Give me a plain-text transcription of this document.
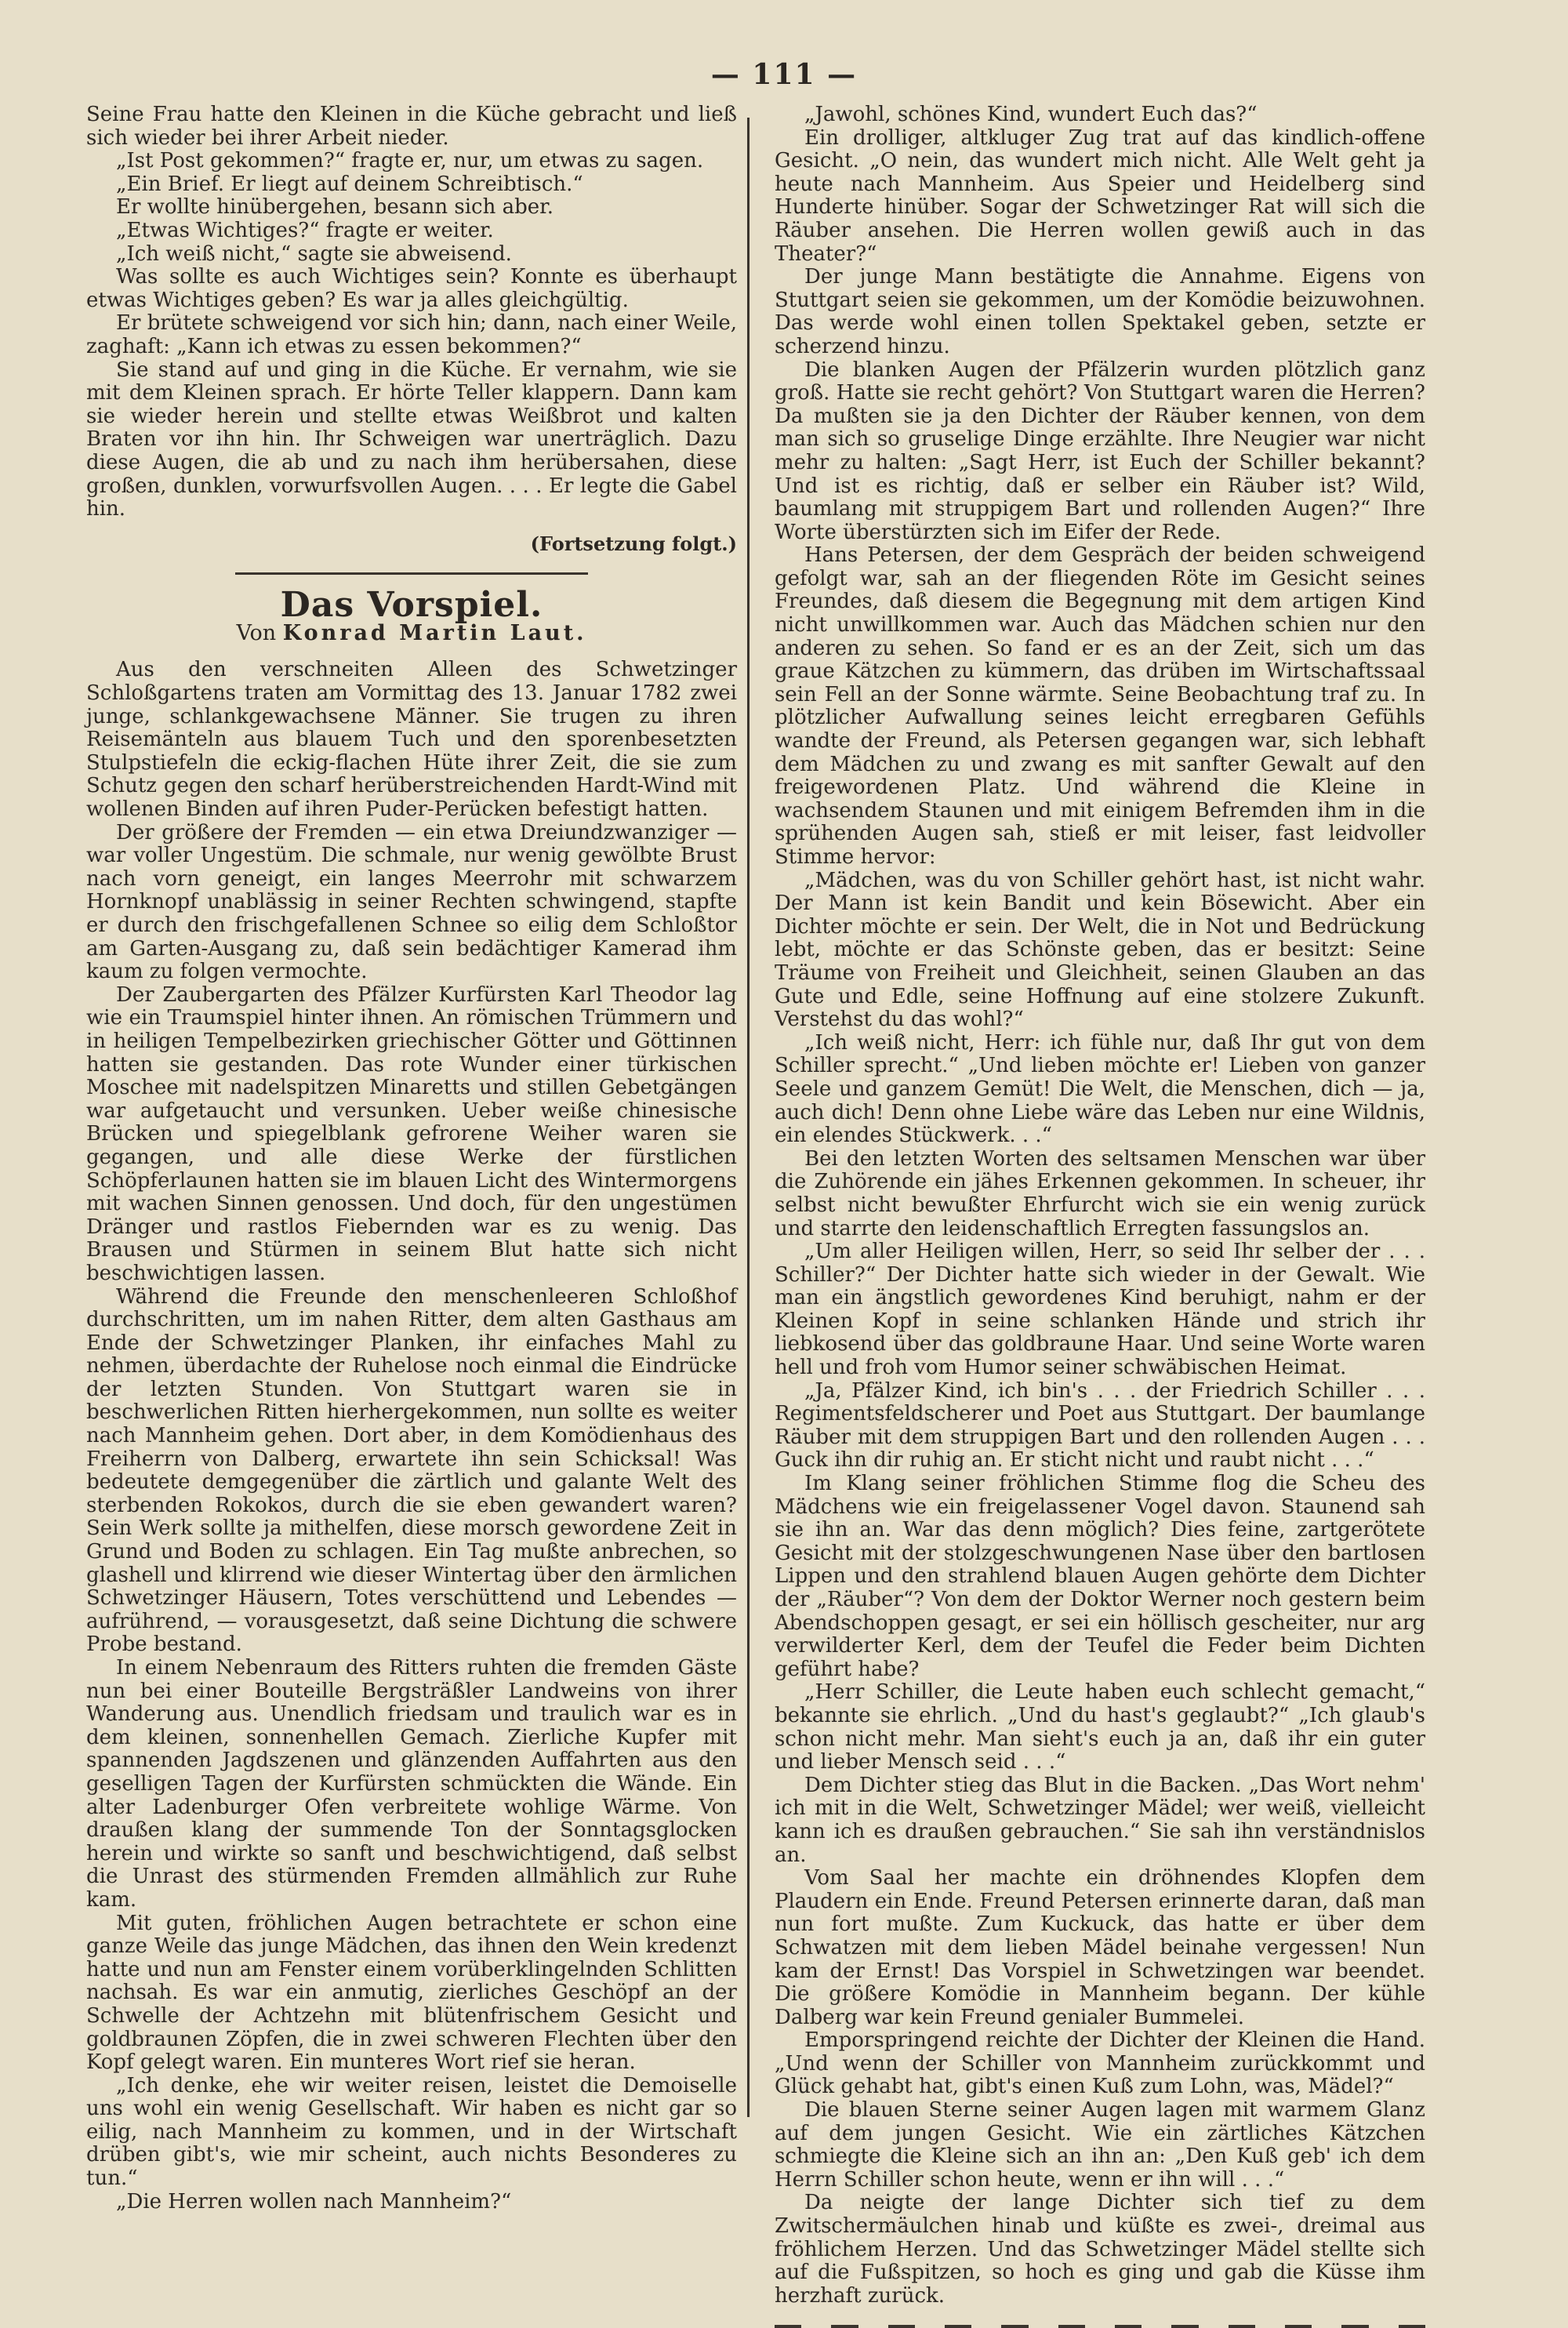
— 111 —

Seine Frau hatte den Kleinen in die Küche gebracht und ließ sich wieder bei ihrer Arbeit nieder.

„Ist Post gekommen?“ fragte er, nur, um etwas zu sagen.

„Ein Brief. Er liegt auf deinem Schreibtisch.“

Er wollte hinübergehen, besann sich aber.

„Etwas Wichtiges?“ fragte er weiter.

„Ich weiß nicht,“ sagte sie abweisend.

Was sollte es auch Wichtiges sein? Konnte es überhaupt etwas Wichtiges geben? Es war ja alles gleichgültig.

Er brütete schweigend vor sich hin; dann, nach einer Weile, zaghaft: „Kann ich etwas zu essen bekommen?“

Sie stand auf und ging in die Küche. Er vernahm, wie sie mit dem Kleinen sprach. Er hörte Teller klappern. Dann kam sie wieder herein und stellte etwas Weißbrot und kalten Braten vor ihn hin. Ihr Schweigen war unerträglich. Dazu diese Augen, die ab und zu nach ihm herübersahen, diese großen, dunklen, vorwurfsvollen Augen. . . . Er legte die Gabel hin.

(Fortsetzung folgt.)
Das Vorspiel.
Von Konrad Martin Laut.

Aus den verschneiten Alleen des Schwetzinger Schloßgartens traten am Vormittag des 13. Januar 1782 zwei junge, schlankgewachsene Männer. Sie trugen zu ihren Reisemänteln aus blauem Tuch und den sporenbesetzten Stulpstiefeln die eckig-flachen Hüte ihrer Zeit, die sie zum Schutz gegen den scharf herüberstreichenden Hardt-Wind mit wollenen Binden auf ihren Puder-Perücken befestigt hatten.

Der größere der Fremden — ein etwa Dreiundzwanziger — war voller Ungestüm. Die schmale, nur wenig gewölbte Brust nach vorn geneigt, ein langes Meerrohr mit schwarzem Hornknopf unablässig in seiner Rechten schwingend, stapfte er durch den frischgefallenen Schnee so eilig dem Schloßtor am Garten-Ausgang zu, daß sein bedächtiger Kamerad ihm kaum zu folgen vermochte.

Der Zaubergarten des Pfälzer Kurfürsten Karl Theodor lag wie ein Traumspiel hinter ihnen. An römischen Trümmern und in heiligen Tempelbezirken griechischer Götter und Göttinnen hatten sie gestanden. Das rote Wunder einer türkischen Moschee mit nadelspitzen Minaretts und stillen Gebetgängen war aufgetaucht und versunken. Ueber weiße chinesische Brücken und spiegelblank gefrorene Weiher waren sie gegangen, und alle diese Werke der fürstlichen Schöpferlaunen hatten sie im blauen Licht des Wintermorgens mit wachen Sinnen genossen. Und doch, für den ungestümen Dränger und rastlos Fiebernden war es zu wenig. Das Brausen und Stürmen in seinem Blut hatte sich nicht beschwichtigen lassen.

Während die Freunde den menschenleeren Schloßhof durchschritten, um im nahen Ritter, dem alten Gasthaus am Ende der Schwetzinger Planken, ihr einfaches Mahl zu nehmen, überdachte der Ruhelose noch einmal die Eindrücke der letzten Stunden. Von Stuttgart waren sie in beschwerlichen Ritten hierhergekommen, nun sollte es weiter nach Mannheim gehen. Dort aber, in dem Komödienhaus des Freiherrn von Dalberg, erwartete ihn sein Schicksal! Was bedeutete demgegenüber die zärtlich und galante Welt des sterbenden Rokokos, durch die sie eben gewandert waren? Sein Werk sollte ja mithelfen, diese morsch gewordene Zeit in Grund und Boden zu schlagen. Ein Tag mußte anbrechen, so glashell und klirrend wie dieser Wintertag über den ärmlichen Schwetzinger Häusern, Totes verschüttend und Lebendes — aufrührend, — vorausgesetzt, daß seine Dichtung die schwere Probe bestand.

In einem Nebenraum des Ritters ruhten die fremden Gäste nun bei einer Bouteille Bergsträßler Landweins von ihrer Wanderung aus. Unendlich friedsam und traulich war es in dem kleinen, sonnenhellen Gemach. Zierliche Kupfer mit spannenden Jagdszenen und glänzenden Auffahrten aus den geselligen Tagen der Kurfürsten schmückten die Wände. Ein alter Ladenburger Ofen verbreitete wohlige Wärme. Von draußen klang der summende Ton der Sonntagsglocken herein und wirkte so sanft und beschwichtigend, daß selbst die Unrast des stürmenden Fremden allmählich zur Ruhe kam.

Mit guten, fröhlichen Augen betrachtete er schon eine ganze Weile das junge Mädchen, das ihnen den Wein kredenzt hatte und nun am Fenster einem vorüberklingelnden Schlitten nachsah. Es war ein anmutig, zierliches Geschöpf an der Schwelle der Achtzehn mit blütenfrischem Gesicht und goldbraunen Zöpfen, die in zwei schweren Flechten über den Kopf gelegt waren. Ein munteres Wort rief sie heran.

„Ich denke, ehe wir weiter reisen, leistet die Demoiselle uns wohl ein wenig Gesellschaft. Wir haben es nicht gar so eilig, nach Mannheim zu kommen, und in der Wirtschaft drüben gibt's, wie mir scheint, auch nichts Besonderes zu tun.“

„Die Herren wollen nach Mannheim?“

„Jawohl, schönes Kind, wundert Euch das?“

Ein drolliger, altkluger Zug trat auf das kindlich-offene Gesicht. „O nein, das wundert mich nicht. Alle Welt geht ja heute nach Mannheim. Aus Speier und Heidelberg sind Hunderte hinüber. Sogar der Schwetzinger Rat will sich die Räuber ansehen. Die Herren wollen gewiß auch in das Theater?“

Der junge Mann bestätigte die Annahme. Eigens von Stuttgart seien sie gekommen, um der Komödie beizuwohnen. Das werde wohl einen tollen Spektakel geben, setzte er scherzend hinzu.

Die blanken Augen der Pfälzerin wurden plötzlich ganz groß. Hatte sie recht gehört? Von Stuttgart waren die Herren? Da mußten sie ja den Dichter der Räuber kennen, von dem man sich so gruselige Dinge erzählte. Ihre Neugier war nicht mehr zu halten: „Sagt Herr, ist Euch der Schiller bekannt? Und ist es richtig, daß er selber ein Räuber ist? Wild, baumlang mit struppigem Bart und rollenden Augen?“ Ihre Worte überstürzten sich im Eifer der Rede.

Hans Petersen, der dem Gespräch der beiden schweigend gefolgt war, sah an der fliegenden Röte im Gesicht seines Freundes, daß diesem die Begegnung mit dem artigen Kind nicht unwillkommen war. Auch das Mädchen schien nur den anderen zu sehen. So fand er es an der Zeit, sich um das graue Kätzchen zu kümmern, das drüben im Wirtschaftssaal sein Fell an der Sonne wärmte. Seine Beobachtung traf zu. In plötzlicher Aufwallung seines leicht erregbaren Gefühls wandte der Freund, als Petersen gegangen war, sich lebhaft dem Mädchen zu und zwang es mit sanfter Gewalt auf den freigewordenen Platz. Und während die Kleine in wachsendem Staunen und mit einigem Befremden ihm in die sprühenden Augen sah, stieß er mit leiser, fast leidvoller Stimme hervor:

„Mädchen, was du von Schiller gehört hast, ist nicht wahr. Der Mann ist kein Bandit und kein Bösewicht. Aber ein Dichter möchte er sein. Der Welt, die in Not und Bedrückung lebt, möchte er das Schönste geben, das er besitzt: Seine Träume von Freiheit und Gleichheit, seinen Glauben an das Gute und Edle, seine Hoffnung auf eine stolzere Zukunft. Verstehst du das wohl?“

„Ich weiß nicht, Herr: ich fühle nur, daß Ihr gut von dem Schiller sprecht.“ „Und lieben möchte er! Lieben von ganzer Seele und ganzem Gemüt! Die Welt, die Menschen, dich — ja, auch dich! Denn ohne Liebe wäre das Leben nur eine Wildnis, ein elendes Stückwerk. . .“

Bei den letzten Worten des seltsamen Menschen war über die Zuhörende ein jähes Erkennen gekommen. In scheuer, ihr selbst nicht bewußter Ehrfurcht wich sie ein wenig zurück und starrte den leidenschaftlich Erregten fassungslos an.

„Um aller Heiligen willen, Herr, so seid Ihr selber der . . . Schiller?“ Der Dichter hatte sich wieder in der Gewalt. Wie man ein ängstlich gewordenes Kind beruhigt, nahm er der Kleinen Kopf in seine schlanken Hände und strich ihr liebkosend über das goldbraune Haar. Und seine Worte waren hell und froh vom Humor seiner schwäbischen Heimat.

„Ja, Pfälzer Kind, ich bin's . . . der Friedrich Schiller . . . Regimentsfeldscherer und Poet aus Stuttgart. Der baumlange Räuber mit dem struppigen Bart und den rollenden Augen . . . Guck ihn dir ruhig an. Er sticht nicht und raubt nicht . . .“

Im Klang seiner fröhlichen Stimme flog die Scheu des Mädchens wie ein freigelassener Vogel davon. Staunend sah sie ihn an. War das denn möglich? Dies feine, zartgerötete Gesicht mit der stolzgeschwungenen Nase über den bartlosen Lippen und den strahlend blauen Augen gehörte dem Dichter der „Räuber“? Von dem der Doktor Werner noch gestern beim Abendschoppen gesagt, er sei ein höllisch gescheiter, nur arg verwilderter Kerl, dem der Teufel die Feder beim Dichten geführt habe?

„Herr Schiller, die Leute haben euch schlecht gemacht,“ bekannte sie ehrlich. „Und du hast's geglaubt?“ „Ich glaub's schon nicht mehr. Man sieht's euch ja an, daß ihr ein guter und lieber Mensch seid . . .“

Dem Dichter stieg das Blut in die Backen. „Das Wort nehm' ich mit in die Welt, Schwetzinger Mädel; wer weiß, vielleicht kann ich es draußen gebrauchen.“ Sie sah ihn verständnislos an.

Vom Saal her machte ein dröhnendes Klopfen dem Plaudern ein Ende. Freund Petersen erinnerte daran, daß man nun fort mußte. Zum Kuckuck, das hatte er über dem Schwatzen mit dem lieben Mädel beinahe vergessen! Nun kam der Ernst! Das Vorspiel in Schwetzingen war beendet. Die größere Komödie in Mannheim begann. Der kühle Dalberg war kein Freund genialer Bummelei.

Emporspringend reichte der Dichter der Kleinen die Hand. „Und wenn der Schiller von Mannheim zurückkommt und Glück gehabt hat, gibt's einen Kuß zum Lohn, was, Mädel?“

Die blauen Sterne seiner Augen lagen mit warmem Glanz auf dem jungen Gesicht. Wie ein zärtliches Kätzchen schmiegte die Kleine sich an ihn an: „Den Kuß geb' ich dem Herrn Schiller schon heute, wenn er ihn will . . .“

Da neigte der lange Dichter sich tief zu dem Zwitschermäulchen hinab und küßte es zwei-, dreimal aus fröhlichem Herzen. Und das Schwetzinger Mädel stellte sich auf die Fußspitzen, so hoch es ging und gab die Küsse ihm herzhaft zurück.
